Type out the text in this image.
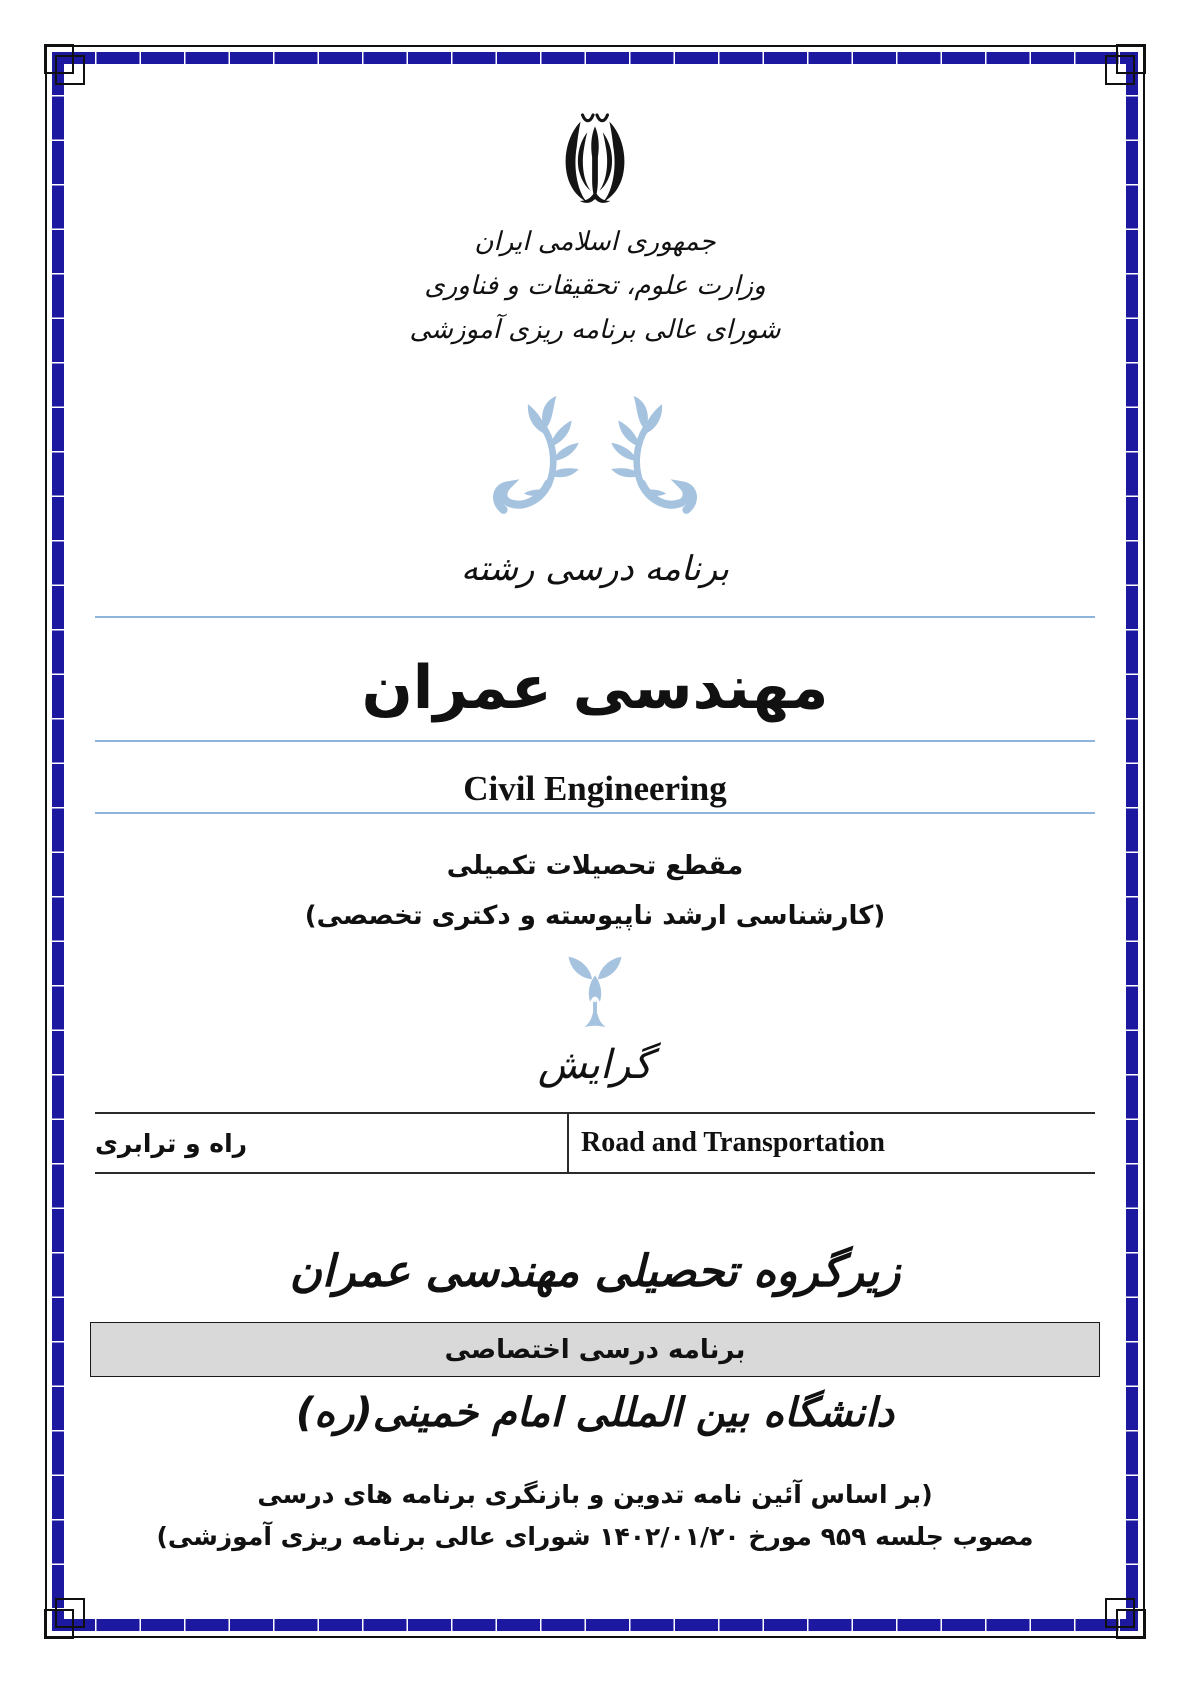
جمهوری اسلامی ایران
وزارت علوم، تحقیقات و فناوری
شورای عالی برنامه ریزی آموزشی
برنامه درسی رشته
مهندسی عمران
Civil Engineering
مقطع تحصیلات تکمیلی
(کارشناسی ارشد ناپیوسته و دکتری تخصصی)
گرایش
راه و ترابری	Road and Transportation
زیرگروه تحصیلی مهندسی عمران
برنامه درسی اختصاصی
دانشگاه بین المللی امام خمینی(ره)
(بر اساس آئین نامه تدوین و بازنگری برنامه های درسی
مصوب جلسه ۹۵۹ مورخ ۱۴۰۲/۰۱/۲۰ شورای عالی برنامه ریزی آموزشی)
